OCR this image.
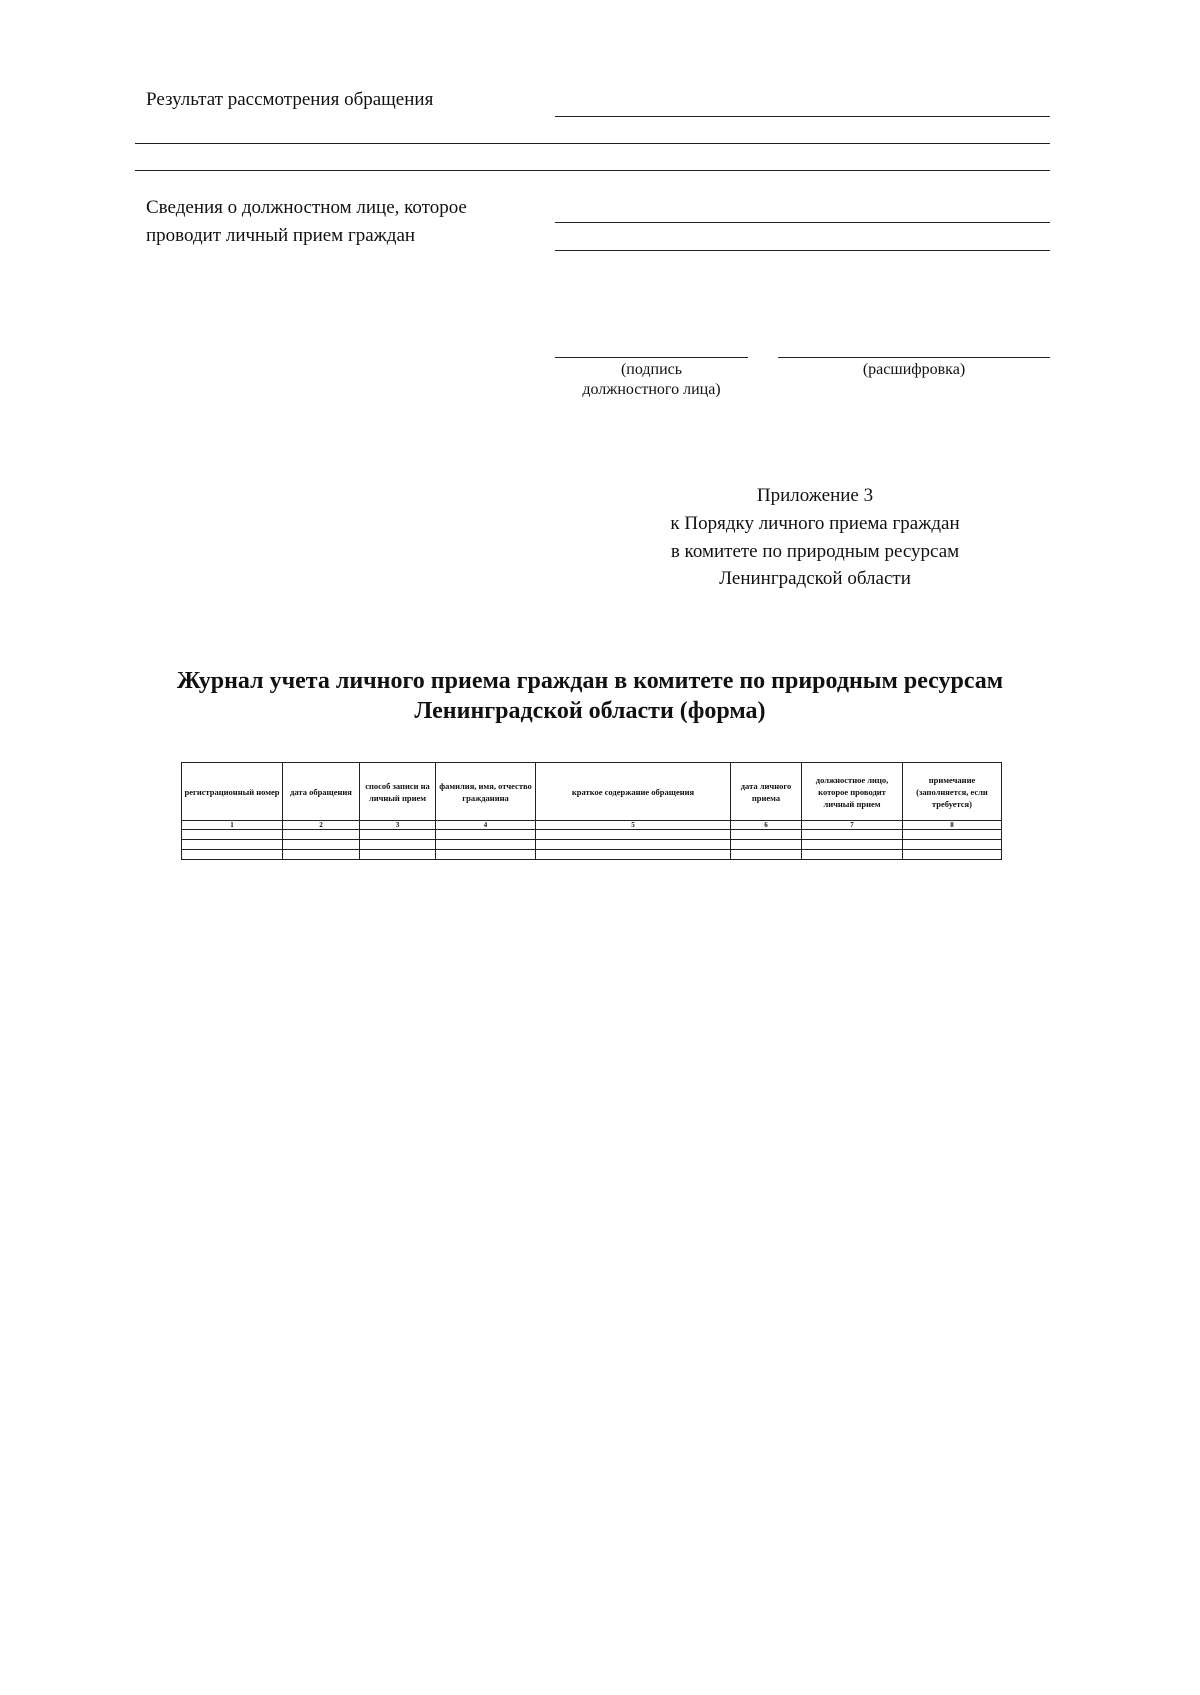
Результат рассмотрения обращения
Сведения о должностном лице, которое
проводит личный прием граждан
(подпись
должностного лица)
(расшифровка)
Приложение 3
к Порядку личного приема граждан
в комитете по природным ресурсам
Ленинградской области
Журнал учета личного приема граждан в комитете по природным ресурсам
Ленинградской области (форма)
регистрационный номер	дата обращения	способ записи на личный прием	фамилия, имя, отчество гражданина	краткое содержание обращения	дата личного приема	должностное лицо, которое проводит личный прием	примечание (заполняется, если требуется)
1	2	3	4	5	6	7	8
